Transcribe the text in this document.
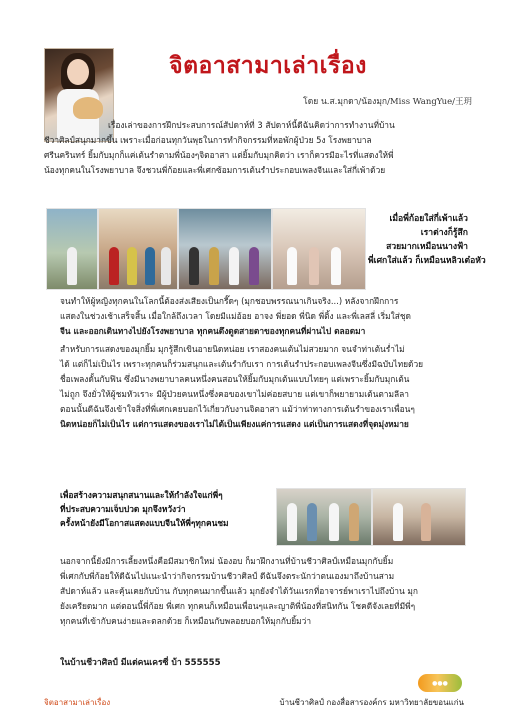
จิตอาสามาเล่าเรื่อง
โดย น.ส.มุกดา/น้องมุก/Miss WangYue/王玥
เรื่องเล่าของการฝึกประสบการณ์สัปดาห์ที่ 3 สัปดาห์นี้ดีฉันคิดว่าการทำงานที่บ้าน
ชีวาศิลป์สนุกมากขึ้น เพราะเมื่อก่อนทุกวันพุธในการทำกิจกรรมที่หอพักผู้ป่วย 5ง โรงพยาบาล
ศรีนครินทร์ ยิ้มกับมุกก็แค่เต้นรำตามพี่น้องๆจิตอาสา แต่ยิ้มกับมุกคิดว่า เราก็ควรมีอะไรที่แสดงให้พี่
น้องทุกคนในโรงพยาบาล จึงชวนพี่ก้อยและพี่เศกซ้อมการเต้นรำประกอบเพลงจีนและใส่กี่เพ้าด้วย
เมื่อพี่ก้อยใส่กี่เพ้าแล้ว
เราต่างก็รู้สึก
สวยมากเหมือนนางฟ้า
พี่เศกใส่แล้ว ก็เหมือนหลิวเต๋อหัว
จนทำให้ผู้หญิงทุกคนในโลกนี้ต้องส่งเสียงเป็นกรี๊ดๆ (มุกชอบพรรณนาเกินจริง...) หลังจากฝึกการ
แสดงในช่วงเช้าเสร็จสิ้น เมื่อใกล้ถึงเวลา โดยมีแม่อ้อย อาจง พี่ยอด พี่นิด พี่ติ้ง และพี่เลสลี่ เริ่มใส่ชุด
จีน และออกเดินทางไปยังโรงพยาบาล ทุกคนดึงดูดสายตาของทุกคนที่ผ่านไป ตลอดมา
สำหรับการแสดงของมุกยิ้ม มุกรู้สึกเขินอายนิดหน่อย เราสองคนเต้นไม่สวยมาก จนจำท่าเต้นร่ำไม่
ได้ แต่ก็ไม่เป็นไร เพราะทุกคนก็ร่วมสนุกและเต้นรำกับเรา การเต้นรำประกอบเพลงจีนซึ่งมีฉบับไทยด้วย
ชื่อเพลงดั้นกับฟิน ซึ่งมีนางพยาบาลคนหนึ่งคนสอนให้ยิ้มกับมุกเต้นแบบไทยๆ แต่เพราะยิ้มกับมุกเต้น
ไม่ถูก จึงยั่วให้ผู้ชมหัวเราะ มีผู้ป่วยคนหนึ่งซึ่งคอของเขาไม่ค่อยสบาย แต่เขาก็พยายามเต้นตามลีลา
ตอนนั้นดีฉันจึงเข้าใจสิ่งที่พี่เศกเคยบอกไว้เกี่ยวกับงานจิตอาสา แม้ว่าท่าทางการเต้นรำของเราเพื่อนๆ
นิดหน่อยก็ไม่เป็นไร แต่การแสดงของเราไม่ได้เป็นเพียงแค่การแสดง แต่เป็นการแสดงที่จุดมุ่งหมาย
เพื่อสร้างความสนุกสนานและให้กำลังใจแก่พี่ๆ
ที่ประสบความเจ็บปวด มุกจึงหวังว่า
ครั้งหน้ายังมีโอกาสแสดงแบบจีนให้พี่ๆทุกคนชม
นอกจากนี้ยังมีการเลี้ยงหนึ่งคือมีสมาชิกใหม่ น้องอบ ก็มาฝึกงานที่บ้านชีวาศิลป์เหมือนมุกกับยิ้ม
พี่เศกกับพี่ก้อยให้ดีฉันไปแนะนำว่ากิจกรรมบ้านชีวาศิลป์ ดีฉันจึงตระนักว่าตนเองมาถึงบ้านสาม
สัปดาห์แล้ว และคุ้นเคยกับบ้าน กับทุกคนมากขึ้นแล้ว มุกยังจำได้วันแรกที่อาจารย์พาเราไปถึงบ้าน มุก
ยังเครียดมาก แต่ตอนนี้พี่ก้อย พี่เศก ทุกคนก็เหมือนเพื่อนๆและญาติพี่น้องที่สนิทกัน โชคดีจังเลยที่มีพี่ๆ
ทุกคนที่เข้ากับคนง่ายและตลกด้วย ก็เหมือนกับพลอยบอกให้มุกกับยิ้มว่า
ในบ้านชีวาศิลป์ มีแต่คนเครซี่ บ้า 555555
●●●
จิตอาสามาเล่าเรื่อง	บ้านชีวาศิลป์ กองสื่อสารองค์กร มหาวิทยาลัยขอนแก่น
